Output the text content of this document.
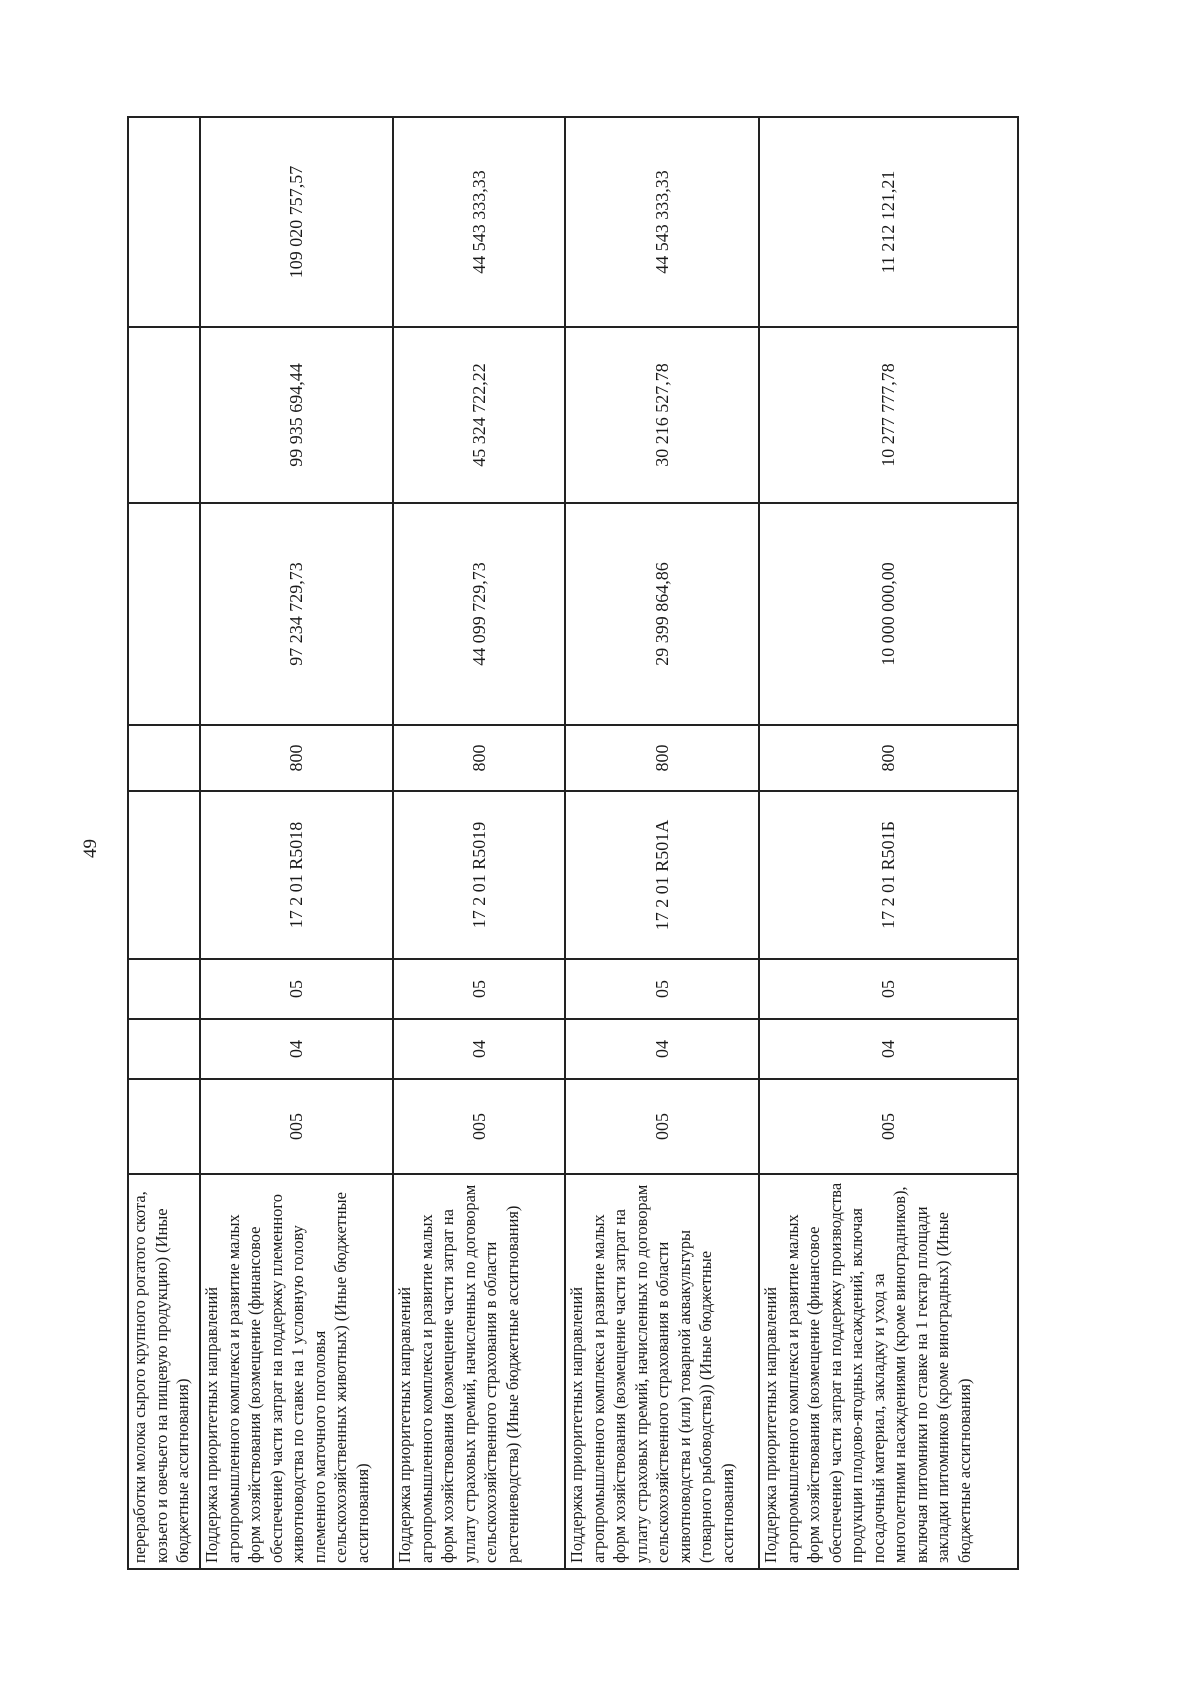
49
переработки молока сырого крупного рогатого скота, козьего и овечьего на пищевую продукцию) (Иные бюджетные ассигнования)								
Поддержка приоритетных направлений агропромышленного комплекса и развитие малых форм хозяйствования (возмещение (финансовое обеспечение) части затрат на поддержку племенного животноводства по ставке на 1 условную голову племенного маточного поголовья сельскохозяйственных животных) (Иные бюджетные ассигнования)	005	04	05	17 2 01 R5018	800	97 234 729,73	99 935 694,44	109 020 757,57
Поддержка приоритетных направлений агропромышленного комплекса и развитие малых форм хозяйствования (возмещение части затрат на уплату страховых премий, начисленных по договорам сельскохозяйственного страхования в области растениеводства) (Иные бюджетные ассигнования)	005	04	05	17 2 01 R5019	800	44 099 729,73	45 324 722,22	44 543 333,33
Поддержка приоритетных направлений агропромышленного комплекса и развитие малых форм хозяйствования (возмещение части затрат на уплату страховых премий, начисленных по договорам сельскохозяйственного страхования в области животноводства и (или) товарной аквакультуры (товарного рыбоводства)) (Иные бюджетные ассигнования)	005	04	05	17 2 01 R501А	800	29 399 864,86	30 216 527,78	44 543 333,33
Поддержка приоритетных направлений агропромышленного комплекса и развитие малых форм хозяйствования (возмещение (финансовое обеспечение) части затрат на поддержку производства продукции плодово-ягодных насаждений, включая посадочный материал, закладку и уход за многолетними насаждениями (кроме виноградников), включая питомники по ставке на 1 гектар площади закладки питомников (кроме виноградных) (Иные бюджетные ассигнования)	005	04	05	17 2 01 R501Б	800	10 000 000,00	10 277 777,78	11 212 121,21
